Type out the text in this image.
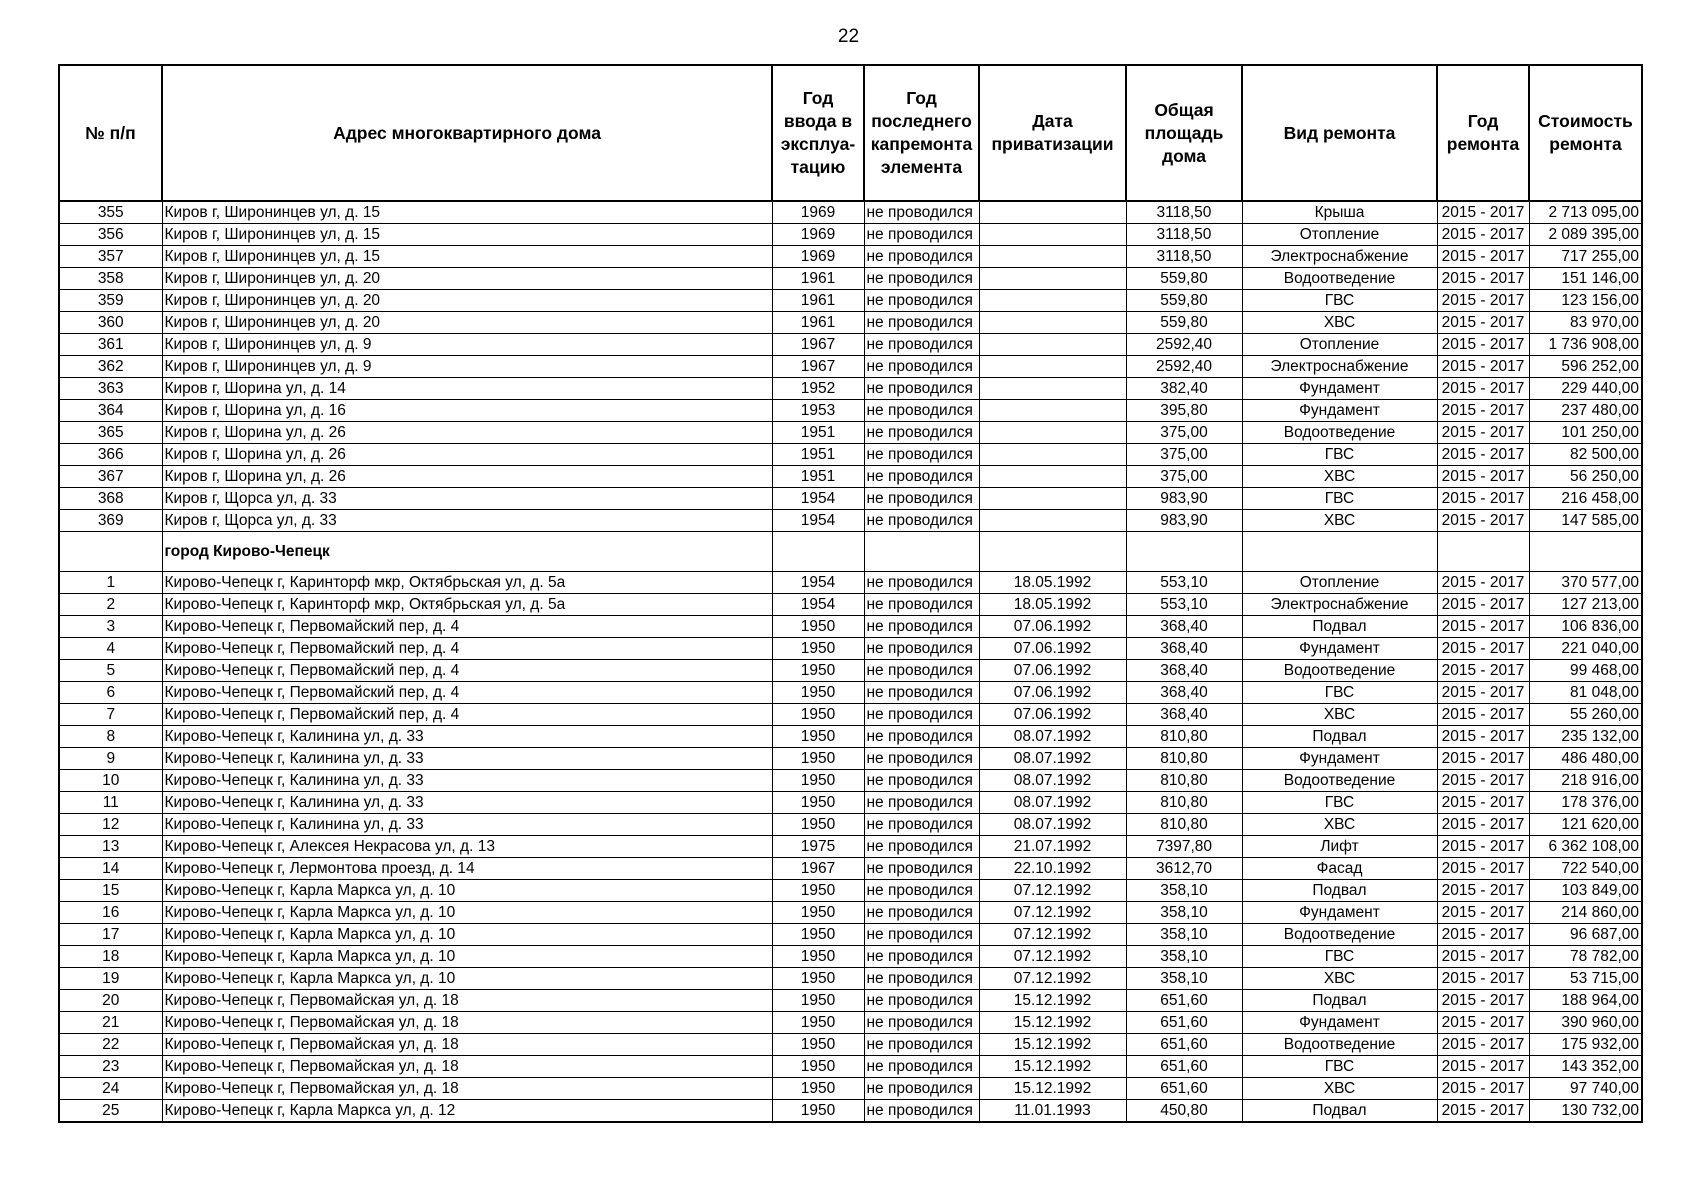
22
№ п/п	Адрес многоквартирного дома	Год ввода в эксплуа-тацию	Год последнего капремонта элемента	Дата приватизации	Общая площадь дома	Вид ремонта	Год ремонта	Стоимость ремонта
355	Киров г, Широнинцев ул, д. 15	1969	не проводился		3118,50	Крыша	2015 - 2017	2 713 095,00
356	Киров г, Широнинцев ул, д. 15	1969	не проводился		3118,50	Отопление	2015 - 2017	2 089 395,00
357	Киров г, Широнинцев ул, д. 15	1969	не проводился		3118,50	Электроснабжение	2015 - 2017	717 255,00
358	Киров г, Широнинцев ул, д. 20	1961	не проводился		559,80	Водоотведение	2015 - 2017	151 146,00
359	Киров г, Широнинцев ул, д. 20	1961	не проводился		559,80	ГВС	2015 - 2017	123 156,00
360	Киров г, Широнинцев ул, д. 20	1961	не проводился		559,80	ХВС	2015 - 2017	83 970,00
361	Киров г, Широнинцев ул, д. 9	1967	не проводился		2592,40	Отопление	2015 - 2017	1 736 908,00
362	Киров г, Широнинцев ул, д. 9	1967	не проводился		2592,40	Электроснабжение	2015 - 2017	596 252,00
363	Киров г, Шорина ул, д. 14	1952	не проводился		382,40	Фундамент	2015 - 2017	229 440,00
364	Киров г, Шорина ул, д. 16	1953	не проводился		395,80	Фундамент	2015 - 2017	237 480,00
365	Киров г, Шорина ул, д. 26	1951	не проводился		375,00	Водоотведение	2015 - 2017	101 250,00
366	Киров г, Шорина ул, д. 26	1951	не проводился		375,00	ГВС	2015 - 2017	82 500,00
367	Киров г, Шорина ул, д. 26	1951	не проводился		375,00	ХВС	2015 - 2017	56 250,00
368	Киров г, Щорса ул, д. 33	1954	не проводился		983,90	ГВС	2015 - 2017	216 458,00
369	Киров г, Щорса ул, д. 33	1954	не проводился		983,90	ХВС	2015 - 2017	147 585,00
	город Кирово-Чепецк							
1	Кирово-Чепецк г, Каринторф мкр, Октябрьская ул, д. 5а	1954	не проводился	18.05.1992	553,10	Отопление	2015 - 2017	370 577,00
2	Кирово-Чепецк г, Каринторф мкр, Октябрьская ул, д. 5а	1954	не проводился	18.05.1992	553,10	Электроснабжение	2015 - 2017	127 213,00
3	Кирово-Чепецк г, Первомайский пер, д. 4	1950	не проводился	07.06.1992	368,40	Подвал	2015 - 2017	106 836,00
4	Кирово-Чепецк г, Первомайский пер, д. 4	1950	не проводился	07.06.1992	368,40	Фундамент	2015 - 2017	221 040,00
5	Кирово-Чепецк г, Первомайский пер, д. 4	1950	не проводился	07.06.1992	368,40	Водоотведение	2015 - 2017	99 468,00
6	Кирово-Чепецк г, Первомайский пер, д. 4	1950	не проводился	07.06.1992	368,40	ГВС	2015 - 2017	81 048,00
7	Кирово-Чепецк г, Первомайский пер, д. 4	1950	не проводился	07.06.1992	368,40	ХВС	2015 - 2017	55 260,00
8	Кирово-Чепецк г, Калинина ул, д. 33	1950	не проводился	08.07.1992	810,80	Подвал	2015 - 2017	235 132,00
9	Кирово-Чепецк г, Калинина ул, д. 33	1950	не проводился	08.07.1992	810,80	Фундамент	2015 - 2017	486 480,00
10	Кирово-Чепецк г, Калинина ул, д. 33	1950	не проводился	08.07.1992	810,80	Водоотведение	2015 - 2017	218 916,00
11	Кирово-Чепецк г, Калинина ул, д. 33	1950	не проводился	08.07.1992	810,80	ГВС	2015 - 2017	178 376,00
12	Кирово-Чепецк г, Калинина ул, д. 33	1950	не проводился	08.07.1992	810,80	ХВС	2015 - 2017	121 620,00
13	Кирово-Чепецк г, Алексея Некрасова ул, д. 13	1975	не проводился	21.07.1992	7397,80	Лифт	2015 - 2017	6 362 108,00
14	Кирово-Чепецк г, Лермонтова проезд, д. 14	1967	не проводился	22.10.1992	3612,70	Фасад	2015 - 2017	722 540,00
15	Кирово-Чепецк г, Карла Маркса ул, д. 10	1950	не проводился	07.12.1992	358,10	Подвал	2015 - 2017	103 849,00
16	Кирово-Чепецк г, Карла Маркса ул, д. 10	1950	не проводился	07.12.1992	358,10	Фундамент	2015 - 2017	214 860,00
17	Кирово-Чепецк г, Карла Маркса ул, д. 10	1950	не проводился	07.12.1992	358,10	Водоотведение	2015 - 2017	96 687,00
18	Кирово-Чепецк г, Карла Маркса ул, д. 10	1950	не проводился	07.12.1992	358,10	ГВС	2015 - 2017	78 782,00
19	Кирово-Чепецк г, Карла Маркса ул, д. 10	1950	не проводился	07.12.1992	358,10	ХВС	2015 - 2017	53 715,00
20	Кирово-Чепецк г, Первомайская ул, д. 18	1950	не проводился	15.12.1992	651,60	Подвал	2015 - 2017	188 964,00
21	Кирово-Чепецк г, Первомайская ул, д. 18	1950	не проводился	15.12.1992	651,60	Фундамент	2015 - 2017	390 960,00
22	Кирово-Чепецк г, Первомайская ул, д. 18	1950	не проводился	15.12.1992	651,60	Водоотведение	2015 - 2017	175 932,00
23	Кирово-Чепецк г, Первомайская ул, д. 18	1950	не проводился	15.12.1992	651,60	ГВС	2015 - 2017	143 352,00
24	Кирово-Чепецк г, Первомайская ул, д. 18	1950	не проводился	15.12.1992	651,60	ХВС	2015 - 2017	97 740,00
25	Кирово-Чепецк г, Карла Маркса ул, д. 12	1950	не проводился	11.01.1993	450,80	Подвал	2015 - 2017	130 732,00
